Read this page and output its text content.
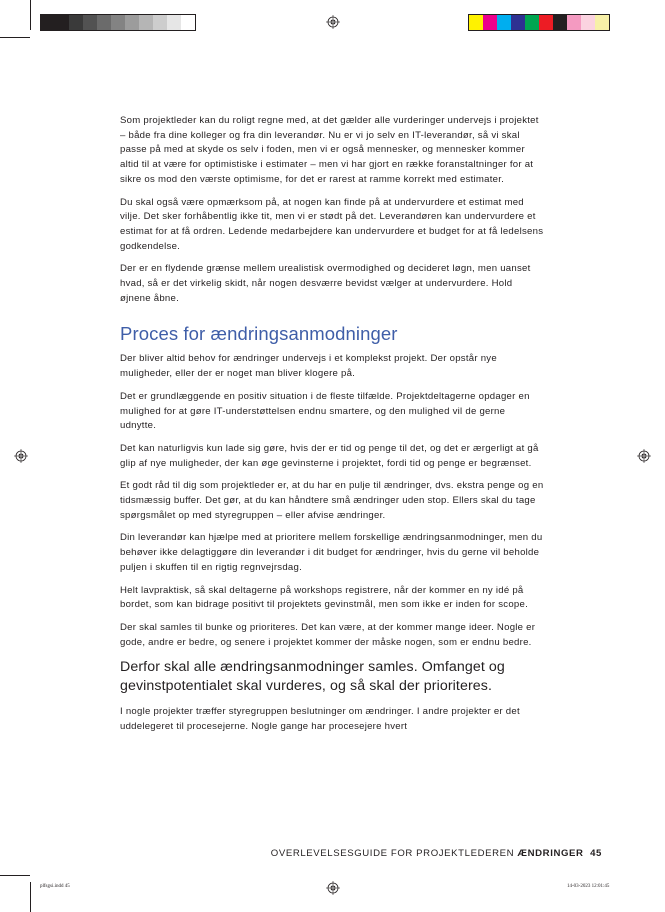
Som projektleder kan du roligt regne med, at det gælder alle vurderinger undervejs i projektet – både fra dine kolleger og fra din leverandør. Nu er vi jo selv en IT-leverandør, så vi skal passe på med at skyde os selv i foden, men vi er også mennesker, og mennesker kommer altid til at være for optimistiske i estimater – men vi har gjort en række foranstaltninger for at sikre os mod den værste optimisme, for det er rarest at ramme korrekt med estimater.

Du skal også være opmærksom på, at nogen kan finde på at undervurdere et estimat med vilje. Det sker forhåbentlig ikke tit, men vi er stødt på det. Leverandøren kan undervurdere et estimat for at få ordren. Ledende medarbejdere kan undervurdere et budget for at få ledelsens godkendelse.

Der er en flydende grænse mellem urealistisk overmodighed og decideret løgn, men uanset hvad, så er det virkelig skidt, når nogen desværre bevidst vælger at undervurdere. Hold øjnene åbne.

Proces for ændringsanmodninger

Der bliver altid behov for ændringer undervejs i et komplekst projekt. Der opstår nye muligheder, eller der er noget man bliver klogere på.

Det er grundlæggende en positiv situation i de fleste tilfælde. Projektdeltagerne opdager en mulighed for at gøre IT-understøttelsen endnu smartere, og den mulighed vil de gerne udnytte.

Det kan naturligvis kun lade sig gøre, hvis der er tid og penge til det, og det er ærgerligt at gå glip af nye muligheder, der kan øge gevinsterne i projektet, fordi tid og penge er begrænset.

Et godt råd til dig som projektleder er, at du har en pulje til ændringer, dvs. ekstra penge og en tidsmæssig buffer. Det gør, at du kan håndtere små ændringer uden stop. Ellers skal du tage spørgsmålet op med styregruppen – eller afvise ændringer.

Din leverandør kan hjælpe med at prioritere mellem forskellige ændringsanmodninger, men du behøver ikke delagtiggøre din leverandør i dit budget for ændringer, hvis du gerne vil beholde puljen i skuffen til en rigtig regnvejrsdag.

Helt lavpraktisk, så skal deltagerne på workshops registrere, når der kommer en ny idé på bordet, som kan bidrage positivt til projektets gevinstmål, men som ikke er inden for scope.

Der skal samles til bunke og prioriteres. Det kan være, at der kommer mange ideer. Nogle er gode, andre er bedre, og senere i projektet kommer der måske nogen, som er endnu bedre.

Derfor skal alle ændringsanmodninger samles. Omfanget og gevinstpotentialet skal vurderes, og så skal der prioriteres.

I nogle projekter træffer styregruppen beslutninger om ændringer. I andre projekter er det uddelegeret til procesejerne. Nogle gange har procesejere hvert

OVERLEVELSESGUIDE FOR PROJEKTLEDEREN ÆNDRINGER 45
plfsgsi.indd 45	14-03-2023 12:01:45
